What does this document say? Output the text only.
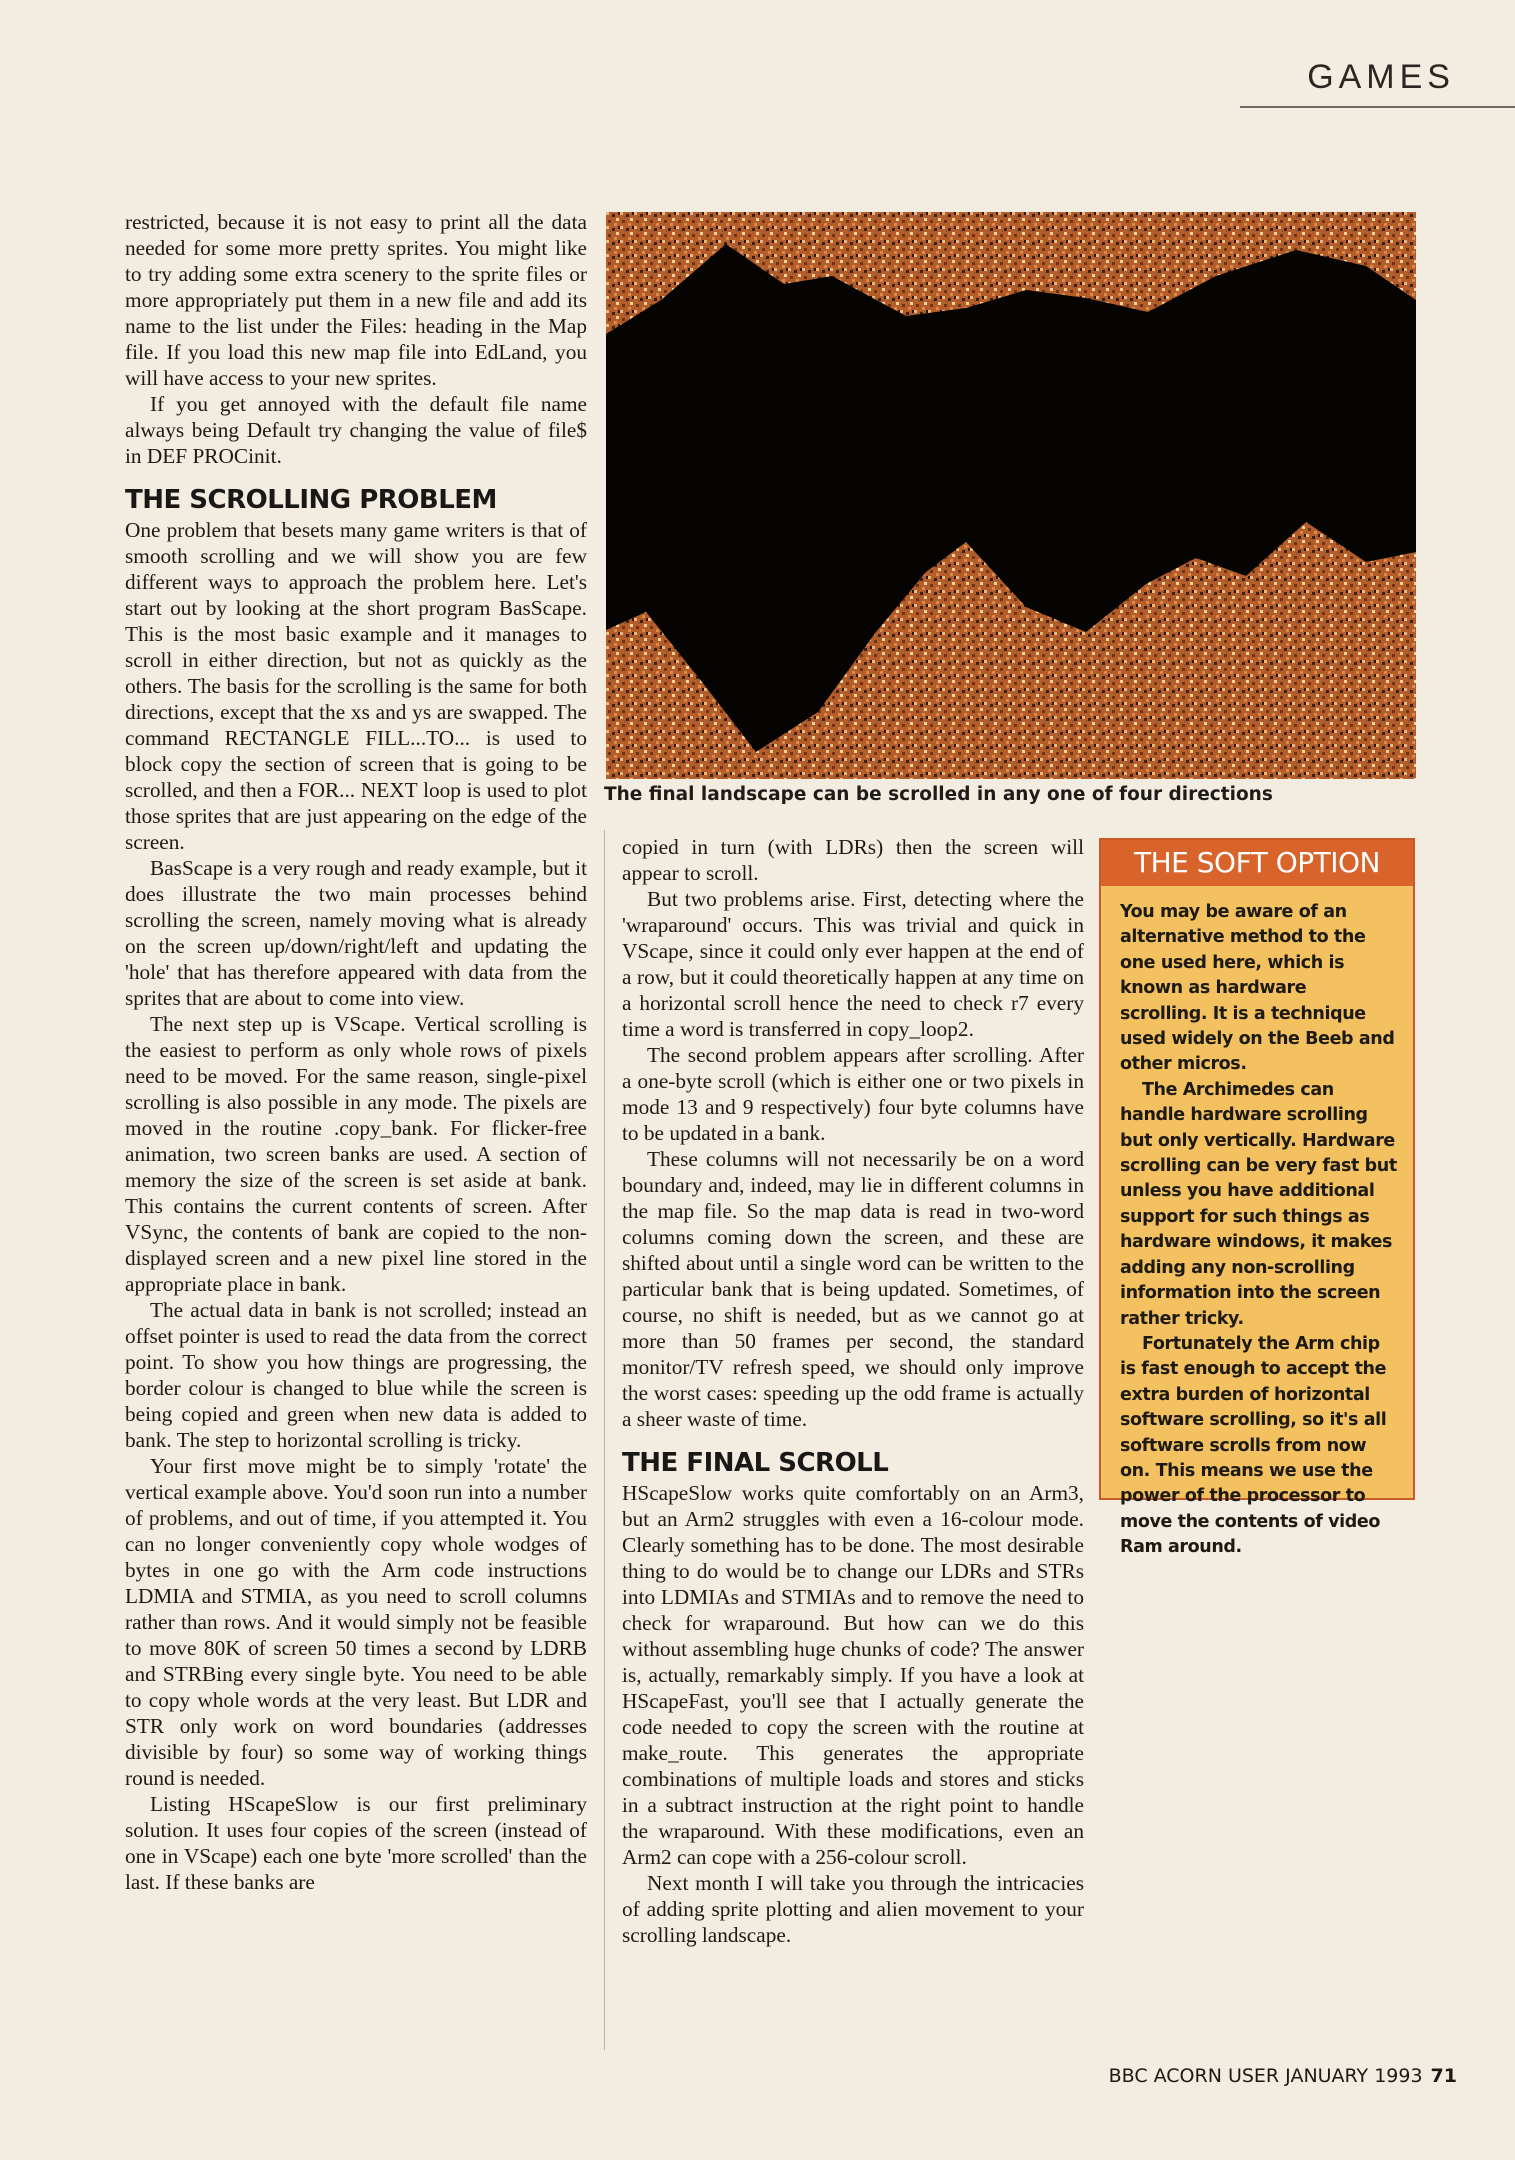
GAMES

restricted, because it is not easy to print all the data needed for some more pretty sprites. You might like to try adding some extra scenery to the sprite files or more appropriately put them in a new file and add its name to the list under the Files: heading in the Map file. If you load this new map file into EdLand, you will have access to your new sprites.

If you get annoyed with the default file name always being Default try changing the value of file$ in DEF PROCinit.

THE SCROLLING PROBLEM

One problem that besets many game writers is that of smooth scrolling and we will show you are few different ways to approach the problem here. Let's start out by looking at the short program BasScape. This is the most basic example and it manages to scroll in either direction, but not as quickly as the others. The basis for the scrolling is the same for both directions, except that the xs and ys are swapped. The command RECTANGLE FILL...TO... is used to block copy the section of screen that is going to be scrolled, and then a FOR... NEXT loop is used to plot those sprites that are just appearing on the edge of the screen.

BasScape is a very rough and ready example, but it does illustrate the two main processes behind scrolling the screen, namely moving what is already on the screen up/down/right/left and updating the 'hole' that has therefore appeared with data from the sprites that are about to come into view.

The next step up is VScape. Vertical scrolling is the easiest to perform as only whole rows of pixels need to be moved. For the same reason, single-pixel scrolling is also possible in any mode. The pixels are moved in the routine .copy_bank. For flicker-free animation, two screen banks are used. A section of memory the size of the screen is set aside at bank. This contains the current contents of screen. After VSync, the contents of bank are copied to the non-displayed screen and a new pixel line stored in the appropriate place in bank.

The actual data in bank is not scrolled; instead an offset pointer is used to read the data from the correct point. To show you how things are progressing, the border colour is changed to blue while the screen is being copied and green when new data is added to bank. The step to horizontal scrolling is tricky.

Your first move might be to simply 'rotate' the vertical example above. You'd soon run into a number of problems, and out of time, if you attempted it. You can no longer conveniently copy whole wodges of bytes in one go with the Arm code instructions LDMIA and STMIA, as you need to scroll columns rather than rows. And it would simply not be feasible to move 80K of screen 50 times a second by LDRB and STRBing every single byte. You need to be able to copy whole words at the very least. But LDR and STR only work on word boundaries (addresses divisible by four) so some way of working things round is needed.

Listing HScapeSlow is our first preliminary solution. It uses four copies of the screen (instead of one in VScape) each one byte 'more scrolled' than the last. If these banks are

The final landscape can be scrolled in any one of four directions

copied in turn (with LDRs) then the screen will appear to scroll.

But two problems arise. First, detecting where the 'wraparound' occurs. This was trivial and quick in VScape, since it could only ever happen at the end of a row, but it could theoretically happen at any time on a horizontal scroll hence the need to check r7 every time a word is transferred in copy_loop2.

The second problem appears after scrolling. After a one-byte scroll (which is either one or two pixels in mode 13 and 9 respectively) four byte columns have to be updated in a bank.

These columns will not necessarily be on a word boundary and, indeed, may lie in different columns in the map file. So the map data is read in two-word columns coming down the screen, and these are shifted about until a single word can be written to the particular bank that is being updated. Sometimes, of course, no shift is needed, but as we cannot go at more than 50 frames per second, the standard monitor/TV refresh speed, we should only improve the worst cases: speeding up the odd frame is actually a sheer waste of time.

THE FINAL SCROLL

HScapeSlow works quite comfortably on an Arm3, but an Arm2 struggles with even a 16-colour mode. Clearly something has to be done. The most desirable thing to do would be to change our LDRs and STRs into LDMIAs and STMIAs and to remove the need to check for wraparound. But how can we do this without assembling huge chunks of code? The answer is, actually, remarkably simply. If you have a look at HScapeFast, you'll see that I actually generate the code needed to copy the screen with the routine at make_route. This generates the appropriate combinations of multiple loads and stores and sticks in a subtract instruction at the right point to handle the wraparound. With these modifications, even an Arm2 can cope with a 256-colour scroll.

Next month I will take you through the intricacies of adding sprite plotting and alien movement to your scrolling landscape.

THE SOFT OPTION

You may be aware of an alternative method to the one used here, which is known as hardware scrolling. It is a technique used widely on the Beeb and other micros.

The Archimedes can handle hardware scrolling but only vertically. Hardware scrolling can be very fast but unless you have additional support for such things as hardware windows, it makes adding any non-scrolling information into the screen rather tricky.

Fortunately the Arm chip is fast enough to accept the extra burden of horizontal software scrolling, so it's all software scrolls from now on. This means we use the power of the processor to move the contents of video Ram around.

BBC ACORN USER JANUARY 1993 71
